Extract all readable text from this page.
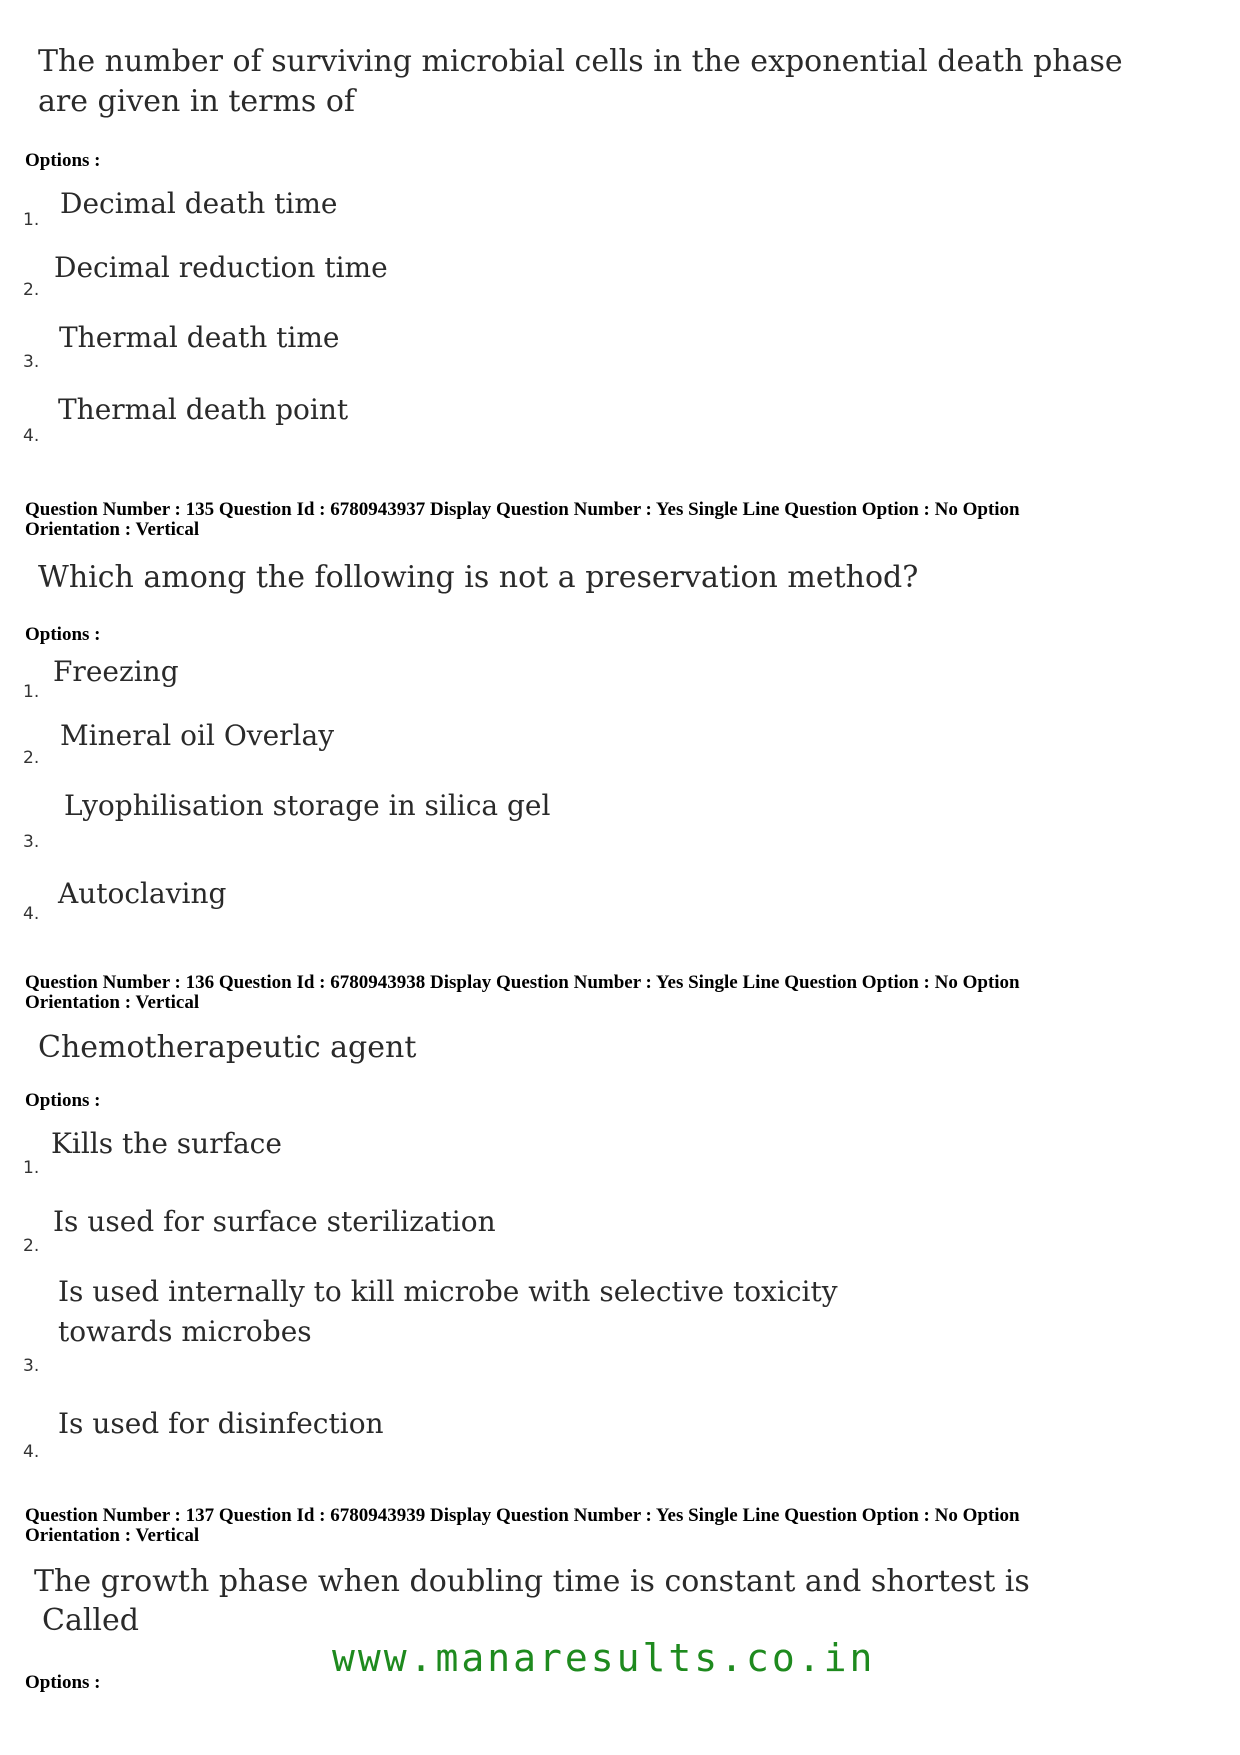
The number of surviving microbial cells in the exponential death phase
are given in terms of
Options :
1. Decimal death time
2.
Decimal reduction time
3.
Thermal death time
4.
Thermal death point
Question Number : 135 Question Id : 6780943937 Display Question Number : Yes Single Line Question Option : No Option
Orientation : Vertical
Which among the following is not a preservation method?
Options :
1.
Freezing
2.
Mineral oil Overlay
3.
Lyophilisation storage in silica gel
4.
Autoclaving
Question Number : 136 Question Id : 6780943938 Display Question Number : Yes Single Line Question Option : No Option
Orientation : Vertical
Chemotherapeutic agent
Options :
1.
Kills the surface
2.
Is used for surface sterilization
Is used internally to kill microbe with selective toxicity
towards microbes
3.
Is used for disinfection
4.
Question Number : 137 Question Id : 6780943939 Display Question Number : Yes Single Line Question Option : No Option
Orientation : Vertical
The growth phase when doubling time is constant and shortest is
Called
Options :
www.manaresults.co.in
